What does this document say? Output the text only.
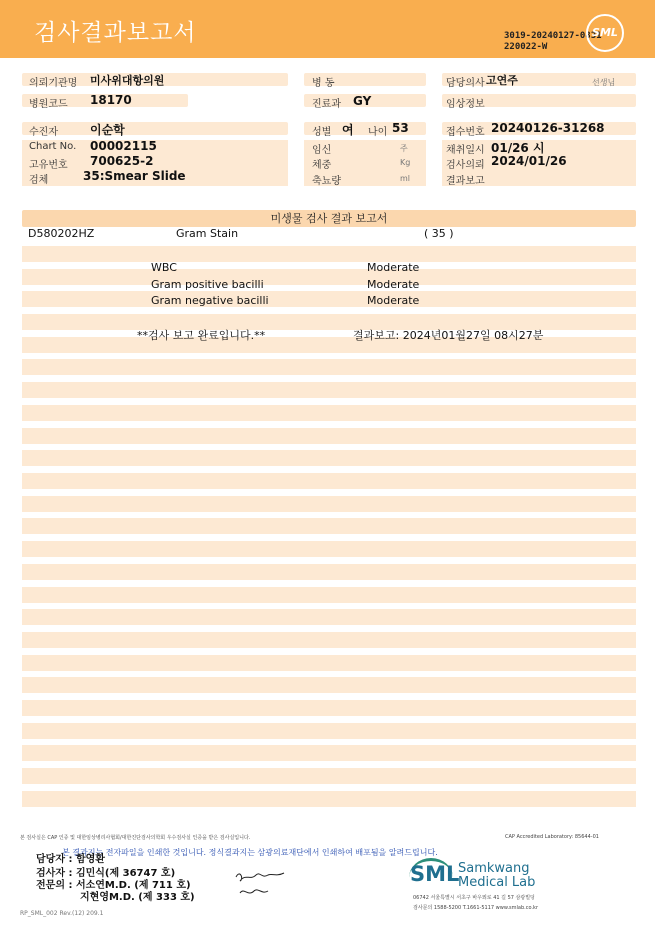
검사결과보고서	3019-20240127-0831
220022-W
SML
의뢰기관명 미사위대항의원
병원코드 18170
수진자	이순학
Chart No. 00002115
고유번호 700625-2
검체	35:Smear Slide
병 동
진료과 GY
성별 여 나이 53
임신	주
체중	Kg
축뇨량	ml
담당의사 고연주	선생님
임상정보
접수번호 20240126-31268
채취일시 01/26 시
검사의뢰 2024/01/26
결과보고
미생물 검사 결과 보고서
D580202HZ	Gram Stain	( 35 )
WBC	Moderate
Gram positive bacilli	Moderate
Gram negative bacilli	Moderate
**검사 보고 완료입니다.**	결과보고: 2024년01월27일 08시27분
본 검사실은 CAP 인증 및 대한임상병리사협회/대한진단검사의학회 우수검사실 인증을 받은 검사실입니다.	CAP Accredited Laboratory: 85644-01
본 결과지는 전자파일을 인쇄한 것입니다. 정식결과지는 삼광의료재단에서 인쇄하여 배포됨을 알려드립니다.
담당자 : 함영환
검사자 : 김민식(제 36747 호)
전문의 : 서소연M.D. (제 711 호)
지현영M.D. (제 333 호)
SML
Samkwang
Medical Lab
06742 서울특별시 서초구 바우뫼로 41 길 57 삼광빌딩
검사문의 1588-5200 T.1661-5117 www.smlab.co.kr
RP_SML_002 Rev.(12) 209.1
